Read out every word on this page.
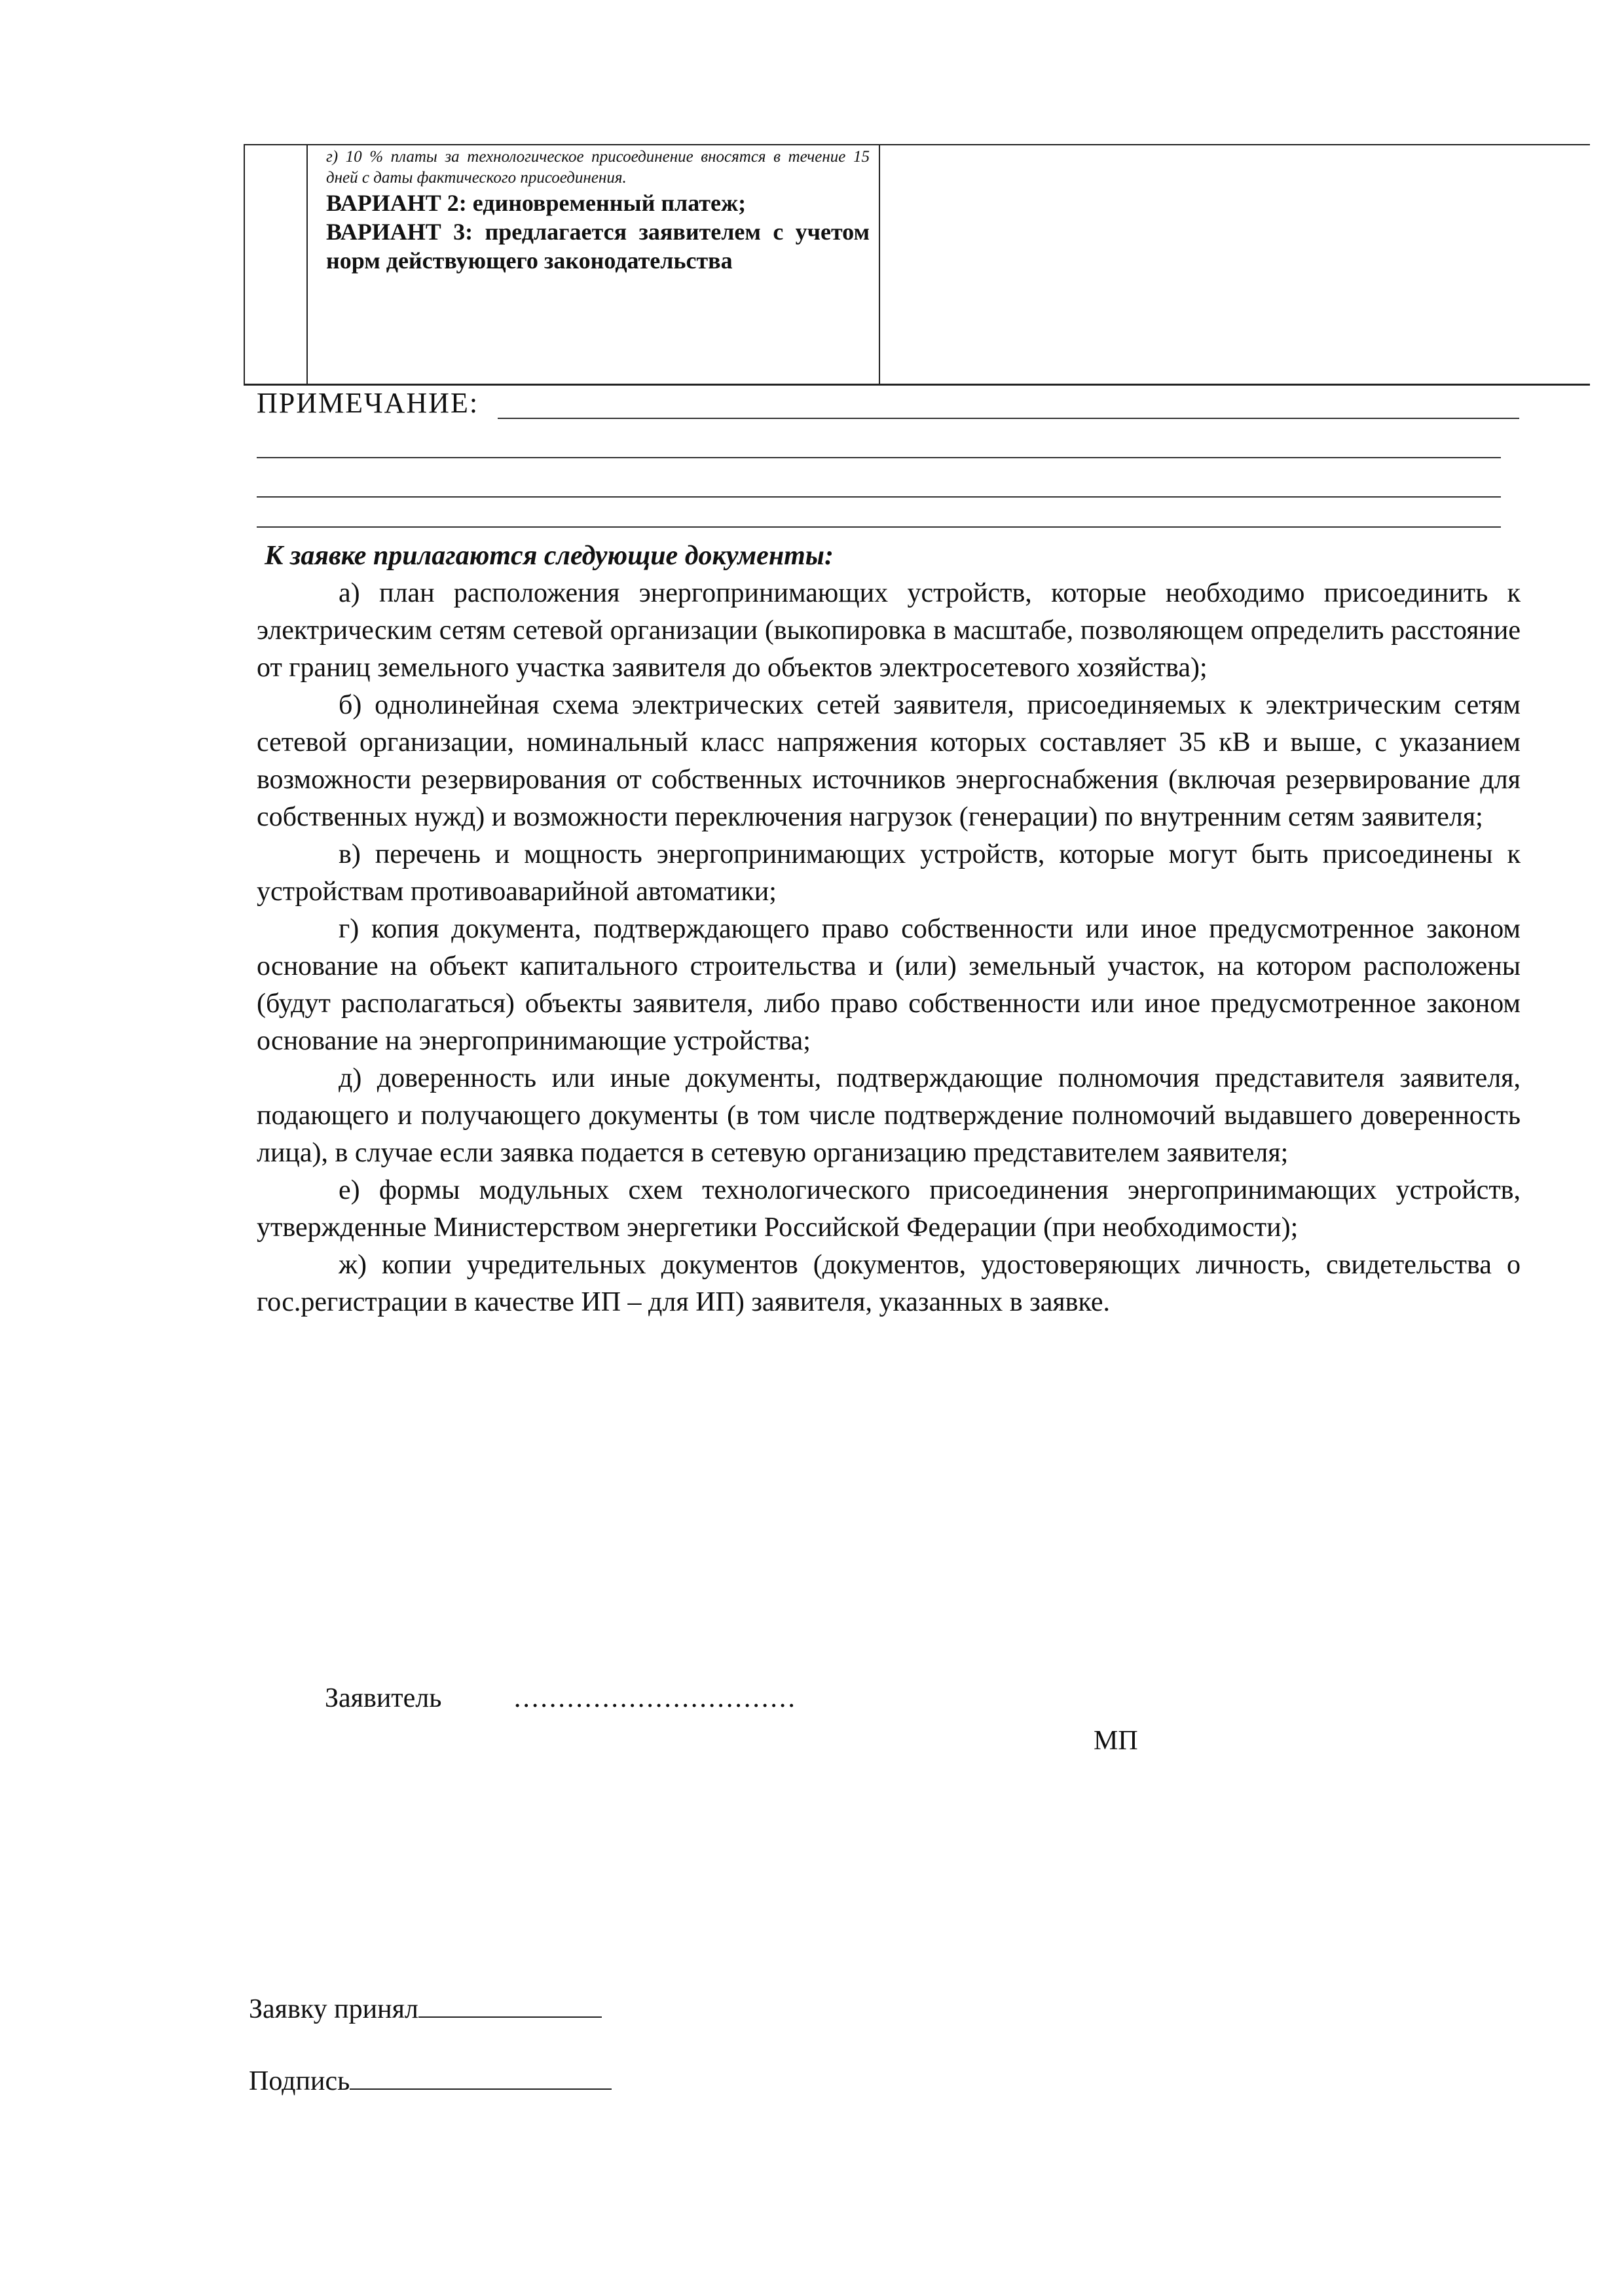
г) 10 % платы за технологическое присоединение вносятся в течение 15 дней с даты фактического присоединения.
ВАРИАНТ 2: единовременный платеж;
ВАРИАНТ 3: предлагается заявителем с учетом норм действующего законодательства
ПРИМЕЧАНИЕ:
К заявке прилагаются следующие документы:

а) план расположения энергопринимающих устройств, которые необходимо присоединить к электрическим сетям сетевой организации (выкопировка в масштабе, позволяющем определить расстояние от границ земельного участка заявителя до объектов электросетевого хозяйства);

б) однолинейная схема электрических сетей заявителя, присоединяемых к электрическим сетям сетевой организации, номинальный класс напряжения которых составляет 35 кВ и выше, с указанием возможности резервирования от собственных источников энергоснабжения (включая резервирование для собственных нужд) и возможности переключения нагрузок (генерации) по внутренним сетям заявителя;

в) перечень и мощность энергопринимающих устройств, которые могут быть присоединены к устройствам противоаварийной автоматики;

г) копия документа, подтверждающего право собственности или иное предусмотренное законом основание на объект капитального строительства и (или) земельный участок, на котором расположены (будут располагаться) объекты заявителя, либо право собственности или иное предусмотренное законом основание на энергопринимающие устройства;

д) доверенность или иные документы, подтверждающие полномочия представителя заявителя, подающего и получающего документы (в том числе подтверждение полномочий выдавшего доверенность лица), в случае если заявка подается в сетевую организацию представителем заявителя;

е) формы модульных схем технологического присоединения энергопринимающих устройств, утвержденные Министерством энергетики Российской Федерации (при необходимости);

ж) копии учредительных документов (документов, удостоверяющих личность, свидетельства о гос.регистрации в качестве ИП – для ИП) заявителя, указанных в заявке.

Заявитель	................................
МП
Заявку принял
Подпись
